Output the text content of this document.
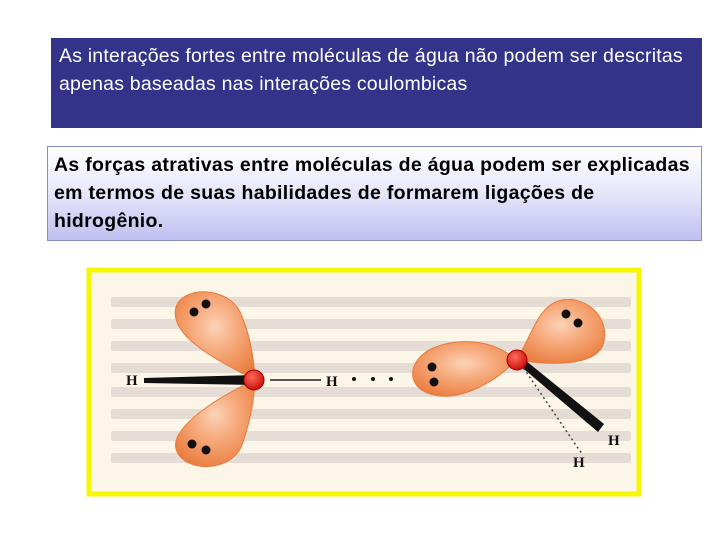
As interações fortes entre moléculas de água não podem ser descritas apenas baseadas nas interações coulombicas
As forças atrativas entre moléculas de água podem ser explicadas em termos de suas habilidades de formarem ligações de hidrogênio.
H	H
H
H
